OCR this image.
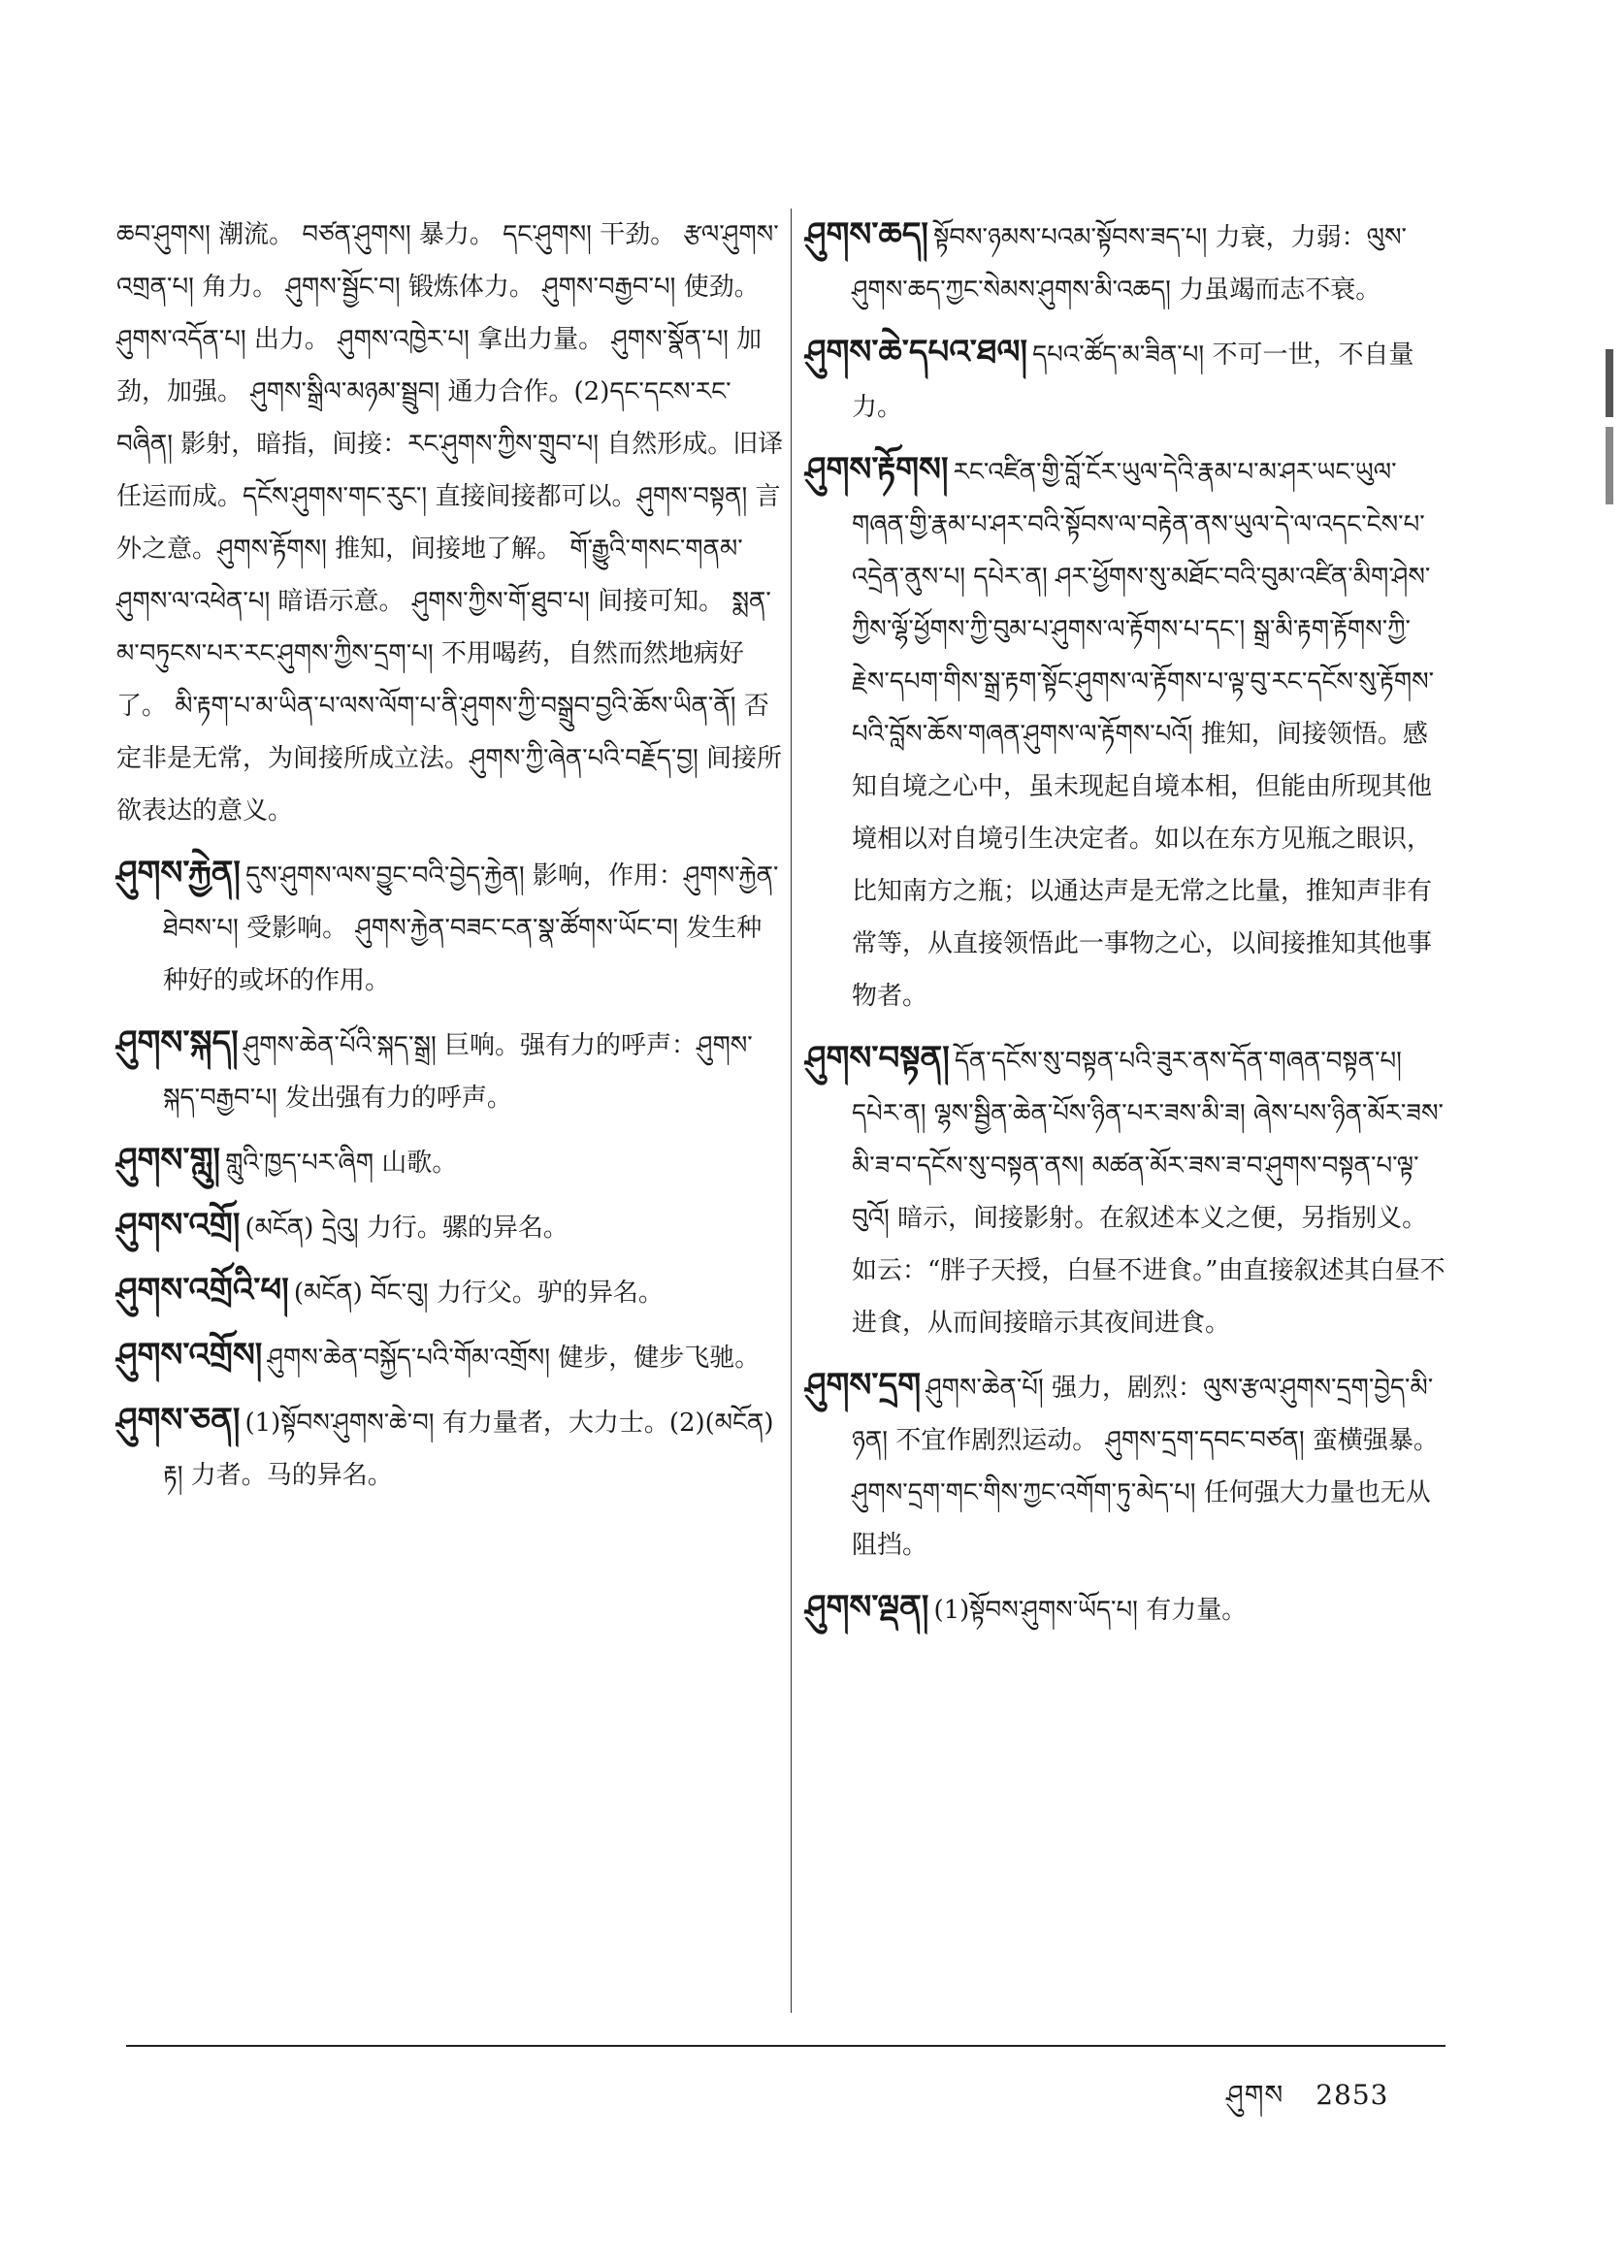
ཆབ་ཤུགས། 潮流。 བཙན་ཤུགས། 暴力。 དང་ཤུགས། 干劲。 རྩལ་ཤུགས་འགྲན་པ། 角力。 ཤུགས་སྦྱོང་བ། 锻炼体力。 ཤུགས་བརྒྱབ་པ། 使劲。 ཤུགས་འདོན་པ། 出力。 ཤུགས་འཁྱེར་པ། 拿出力量。 ཤུགས་སྣོན་པ། 加劲，加强。 ཤུགས་སྒྲིལ་མཉམ་སྦྲུབ། 通力合作。(2)དང་དངས་རང་བཞིན། 影射，暗指，间接：རང་ཤུགས་ཀྱིས་གྲུབ་པ། 自然形成。旧译任运而成。དངོས་ཤུགས་གང་རུང་། 直接间接都可以。ཤུགས་བསྟན། 言外之意。ཤུགས་རྟོགས། 推知，间接地了解。 གོ་རྒྱུའི་གསང་གནམ་ཤུགས་ལ་འཕེན་པ། 暗语示意。 ཤུགས་ཀྱིས་གོ་ཐུབ་པ། 间接可知。 སྨན་མ་བཏུངས་པར་རང་ཤུགས་ཀྱིས་དྲག་པ། 不用喝药，自然而然地病好了。 མི་རྟག་པ་མ་ཡིན་པ་ལས་ལོག་པ་ནི་ཤུགས་ཀྱི་བསྒྲུབ་བྱའི་ཆོས་ཡིན་ནོ། 否定非是无常，为间接所成立法。ཤུགས་ཀྱི་ཞེན་པའི་བརྗོད་བྱ། 间接所欲表达的意义。
ཤུགས་རྐྱེན། དུས་ཤུགས་ལས་བྱུང་བའི་བྱེད་རྐྱེན། 影响，作用：ཤུགས་རྐྱེན་ཐེབས་པ། 受影响。 ཤུགས་རྐྱེན་བཟང་ངན་སྣ་ཚོགས་ཡོང་བ། 发生种种好的或坏的作用。
ཤུགས་སྐད། ཤུགས་ཆེན་པོའི་སྐད་སྒྲ། 巨响。强有力的呼声：ཤུགས་སྐད་བརྒྱབ་པ། 发出强有力的呼声。
ཤུགས་གླུ། གླུའི་ཁྱད་པར་ཞིག 山歌。
ཤུགས་འགྲོ། (མངོན) དྲེའུ། 力行。骡的异名。
ཤུགས་འགྲོའི་ཕ། (མངོན) བོང་བུ། 力行父。驴的异名。
ཤུགས་འགྲོས། ཤུགས་ཆེན་བསྐྱོད་པའི་གོམ་འགྲོས། 健步，健步飞驰。
ཤུགས་ཅན། (1)སྟོབས་ཤུགས་ཆེ་བ། 有力量者，大力士。(2)(མངོན) རྟ། 力者。马的异名。
ཤུགས་ཆད། སྟོབས་ཉམས་པའམ་སྟོབས་ཟད་པ། 力衰，力弱：ལུས་ཤུགས་ཆད་ཀྱང་སེམས་ཤུགས་མི་འཆད། 力虽竭而志不衰。
ཤུགས་ཆེ་དཔའ་ཐལ། དཔའ་ཚོད་མ་ཟིན་པ། 不可一世，不自量力。
ཤུགས་རྟོགས། རང་འཛིན་གྱི་བློ་ངོར་ཡུལ་དེའི་རྣམ་པ་མ་ཤར་ཡང་ཡུལ་གཞན་གྱི་རྣམ་པ་ཤར་བའི་སྟོབས་ལ་བརྟེན་ནས་ཡུལ་དེ་ལ་འདང་ངེས་པ་འདྲེན་ནུས་པ། དཔེར་ན། ཤར་ཕྱོགས་སུ་མཐོང་བའི་བུམ་འཛིན་མིག་ཤེས་ཀྱིས་ལྷོ་ཕྱོགས་ཀྱི་བུམ་པ་ཤུགས་ལ་རྟོགས་པ་དང་། སྒྲ་མི་རྟག་རྟོགས་ཀྱི་རྗེས་དཔག་གིས་སྒྲ་རྟག་སྟོང་ཤུགས་ལ་རྟོགས་པ་ལྟ་བུ་རང་དངོས་སུ་རྟོགས་པའི་བློས་ཆོས་གཞན་ཤུགས་ལ་རྟོགས་པའོ། 推知，间接领悟。感知自境之心中，虽未现起自境本相，但能由所现其他境相以对自境引生决定者。如以在东方见瓶之眼识，比知南方之瓶；以通达声是无常之比量，推知声非有常等，从直接领悟此一事物之心，以间接推知其他事物者。
ཤུགས་བསྟན། དོན་དངོས་སུ་བསྟན་པའི་ཟུར་ནས་དོན་གཞན་བསྟན་པ། དཔེར་ན། ལྷས་སྦྱིན་ཆེན་པོས་ཉིན་པར་ཟས་མི་ཟ། ཞེས་པས་ཉིན་མོར་ཟས་མི་ཟ་བ་དངོས་སུ་བསྟན་ནས། མཚན་མོར་ཟས་ཟ་བ་ཤུགས་བསྟན་པ་ལྟ་བུའོ། 暗示，间接影射。在叙述本义之便，另指别义。如云：“胖子天授，白昼不进食。”由直接叙述其白昼不进食，从而间接暗示其夜间进食。
ཤུགས་དྲག ཤུགས་ཆེན་པོ། 强力，剧烈：ལུས་རྩལ་ཤུགས་དྲག་བྱེད་མི་ཉན། 不宜作剧烈运动。 ཤུགས་དྲག་དབང་བཙན། 蛮横强暴。 ཤུགས་དྲག་གང་གིས་ཀྱང་འགོག་ཏུ་མེད་པ། 任何强大力量也无从阻挡。
ཤུགས་ལྡན། (1)སྟོབས་ཤུགས་ཡོད་པ། 有力量。
ཤུགས 2853
